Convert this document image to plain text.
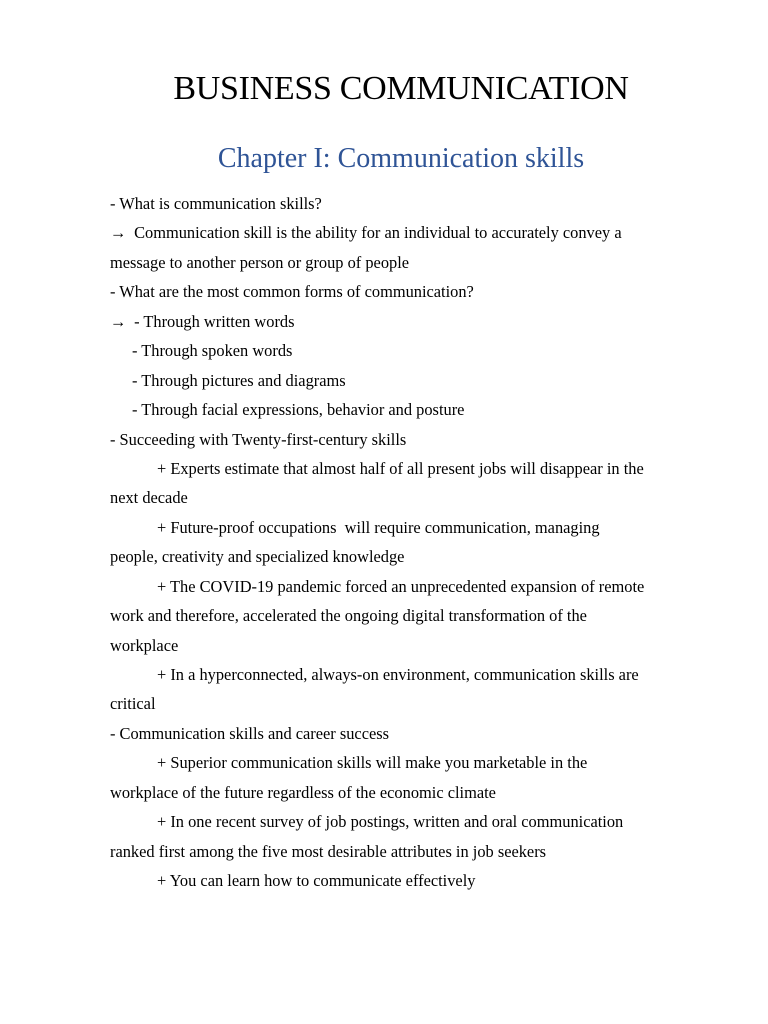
BUSINESS COMMUNICATION
Chapter I: Communication skills
- What is communication skills?
→ Communication skill is the ability for an individual to accurately convey a
message to another person or group of people
- What are the most common forms of communication?
→ - Through written words
- Through spoken words
- Through pictures and diagrams
- Through facial expressions, behavior and posture
- Succeeding with Twenty-first-century skills
+ Experts estimate that almost half of all present jobs will disappear in the
next decade
+ Future-proof occupations  will require communication, managing
people, creativity and specialized knowledge
+ The COVID-19 pandemic forced an unprecedented expansion of remote
work and therefore, accelerated the ongoing digital transformation of the
workplace
+ In a hyperconnected, always-on environment, communication skills are
critical
- Communication skills and career success
+ Superior communication skills will make you marketable in the
workplace of the future regardless of the economic climate
+ In one recent survey of job postings, written and oral communication
ranked first among the five most desirable attributes in job seekers
+ You can learn how to communicate effectively
